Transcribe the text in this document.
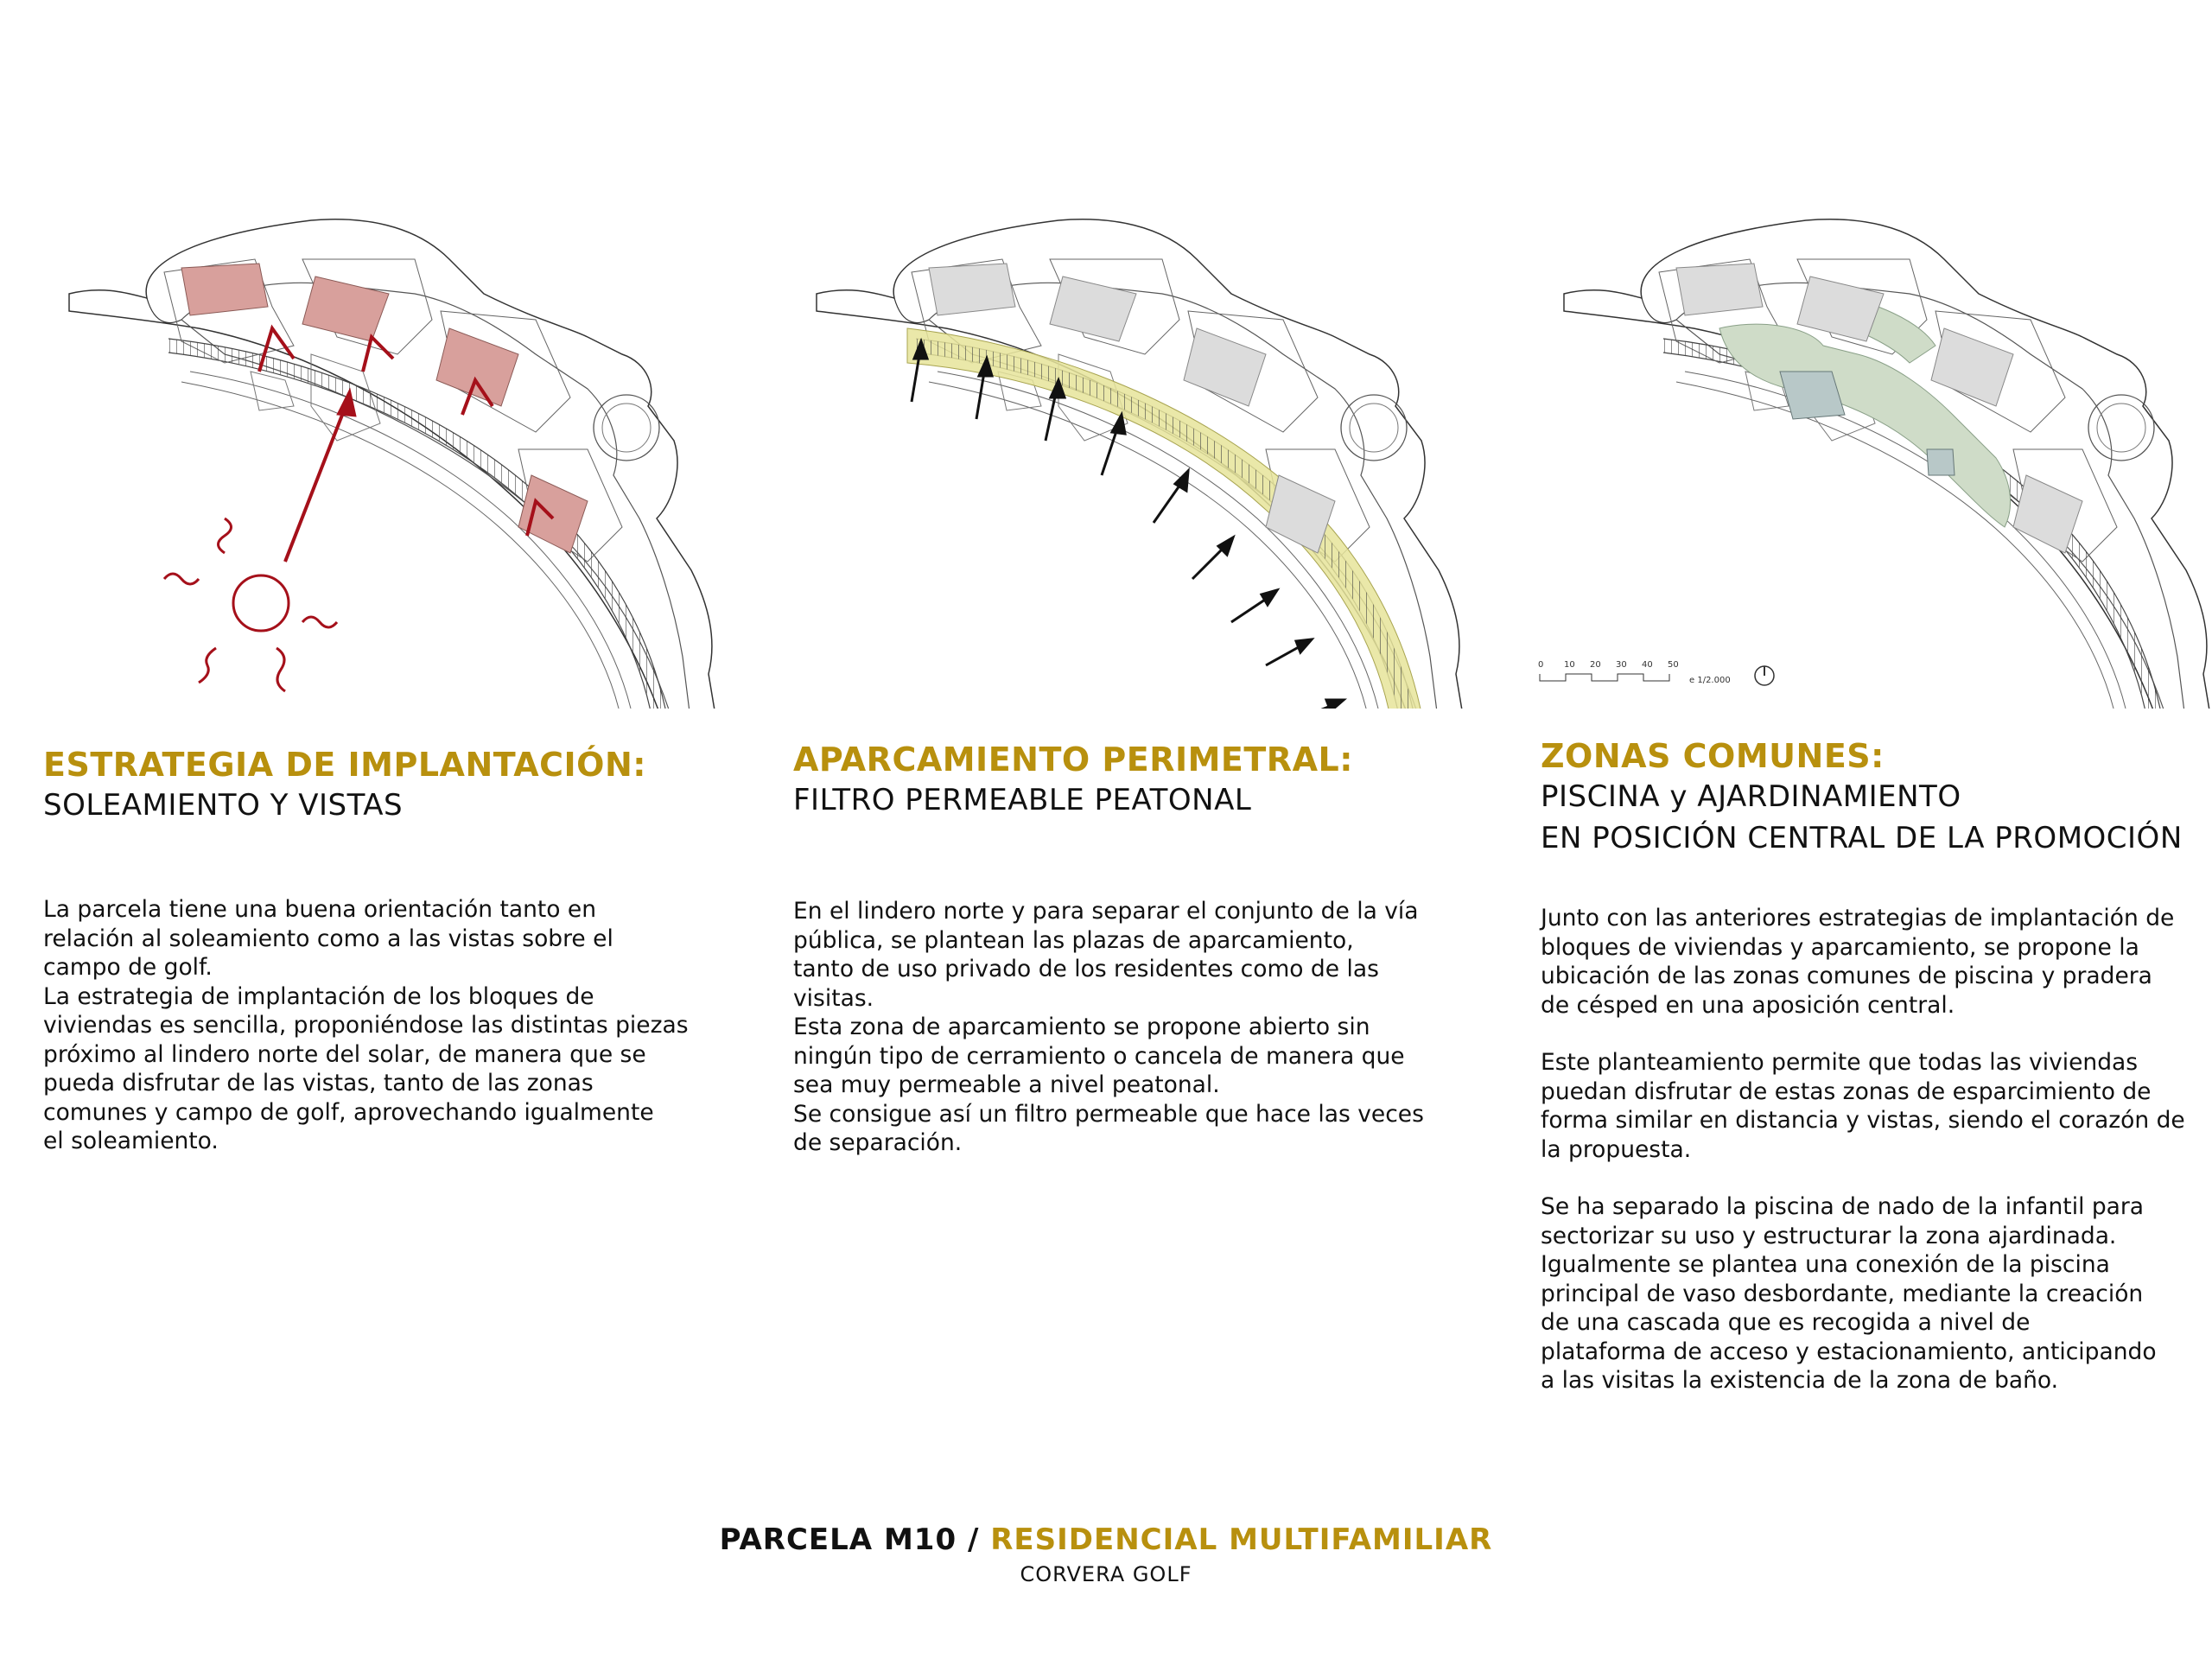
0 10 20 30 40 50
e 1/2.000
ESTRATEGIA DE IMPLANTACIÓN:
SOLEAMIENTO Y VISTAS

La parcela tiene una buena orientación tanto en

relación al soleamiento como a las vistas sobre el

campo de golf.

La estrategia de implantación de los bloques de

viviendas es sencilla, proponiéndose las distintas piezas

próximo al lindero norte del solar, de manera que se

pueda disfrutar de las vistas, tanto de las zonas

comunes y campo de golf, aprovechando igualmente

el soleamiento.

APARCAMIENTO PERIMETRAL:
FILTRO PERMEABLE PEATONAL

En el lindero norte y para separar el conjunto de la vía

pública, se plantean las plazas de aparcamiento,

tanto de uso privado de los residentes como de las

visitas.

Esta zona de aparcamiento se propone abierto sin

ningún tipo de cerramiento o cancela de manera que

sea muy permeable a nivel peatonal.

Se consigue así un filtro permeable que hace las veces

de separación.

ZONAS COMUNES:
PISCINA y AJARDINAMIENTO
EN POSICIÓN CENTRAL DE LA PROMOCIÓN

Junto con las anteriores estrategias de implantación de

bloques de viviendas y aparcamiento, se propone la

ubicación de las zonas comunes de piscina y pradera

de césped en una aposición central.

Este planteamiento permite que todas las viviendas

puedan disfrutar de estas zonas de esparcimiento de

forma similar en distancia y vistas, siendo el corazón de

la propuesta.

Se ha separado la piscina de nado de la infantil para

sectorizar su uso y estructurar la zona ajardinada.

Igualmente se plantea una conexión de la piscina

principal de vaso desbordante, mediante la creación

de una cascada que es recogida a nivel de

plataforma de acceso y estacionamiento, anticipando

a las visitas la existencia de la zona de baño.

PARCELA M10 / RESIDENCIAL MULTIFAMILIAR
CORVERA GOLF
